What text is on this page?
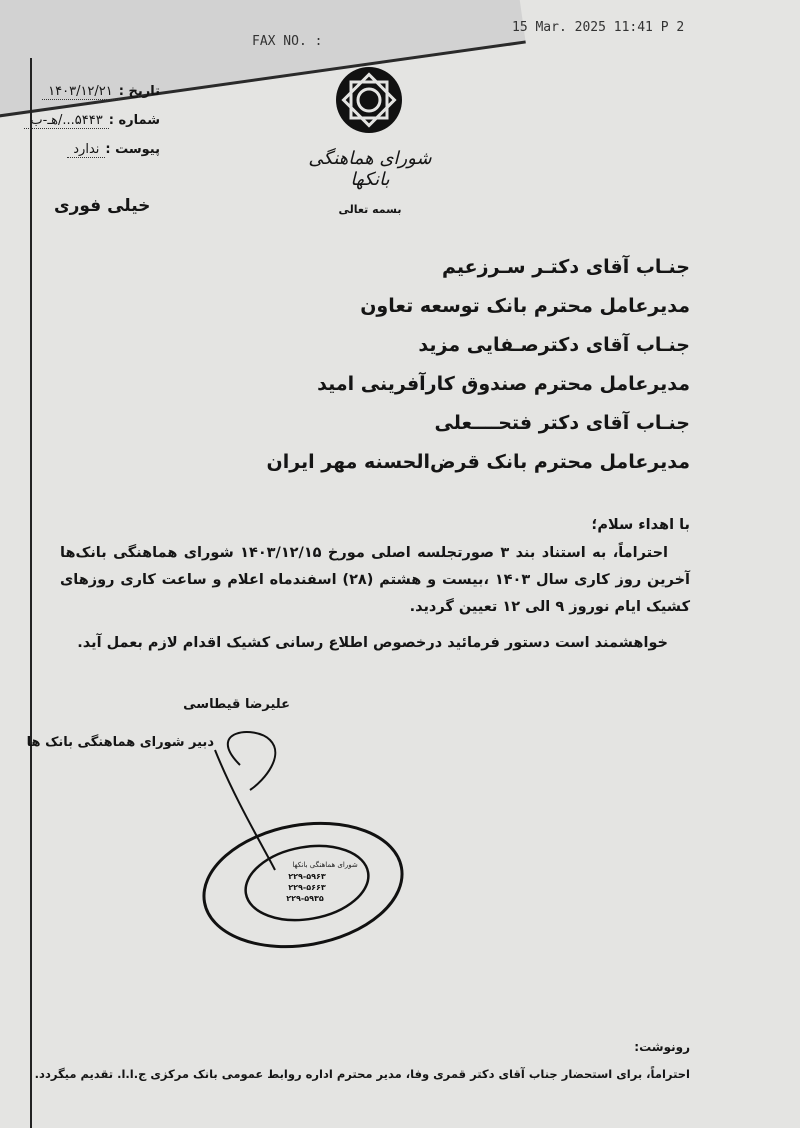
FAX NO. :
15 Mar. 2025 11:41 P 2
تاریخ :۱۴۰۳/۱۲/۲۱
شماره :۵۴۴۳.../هـ-ب
پیوست :ندارد
خیلی فوری
شورای هماهنگی بانکها
بسمه تعالی
جنـاب آقای دکتـر سـرزعیم
مدیرعامل محترم بانک توسعه تعاون
جنـاب آقای دکترصـفایی مزید
مدیرعامل محترم صندوق کارآفرینی امید
جنـاب آقای دکتر فتحــــعلی
مدیرعامل محترم بانک قرض‌الحسنه مهر ایران
با اهداء سلام؛
احتراماً، به استناد بند ۳ صورتجلسه اصلی مورخ ۱۴۰۳/۱۲/۱۵ شورای هماهنگی بانک‌ها آخرین روز کاری سال ۱۴۰۳ ،بیست و هشتم (۲۸) اسفندماه اعلام و ساعت کاری روزهای کشیک ایام نوروز ۹ الی ۱۲ تعیین گردید.
خواهشمند است دستور فرمائید درخصوص اطلاع رسانی کشیک اقدام لازم بعمل آید.
علیرضا قیطاسی
دبیر شورای هماهنگی بانک ها
شورای هماهنگی بانکها
۲۲۹-۵۹۶۳
۲۲۹-۵۶۶۳
۲۲۹-۵۹۳۵
رونوشت:
احتراماً، برای استحضار جناب آقای دکتر قمری وفا، مدیر محترم اداره روابط عمومی بانک مرکزی ج.ا.ا. تقدیم میگردد.
